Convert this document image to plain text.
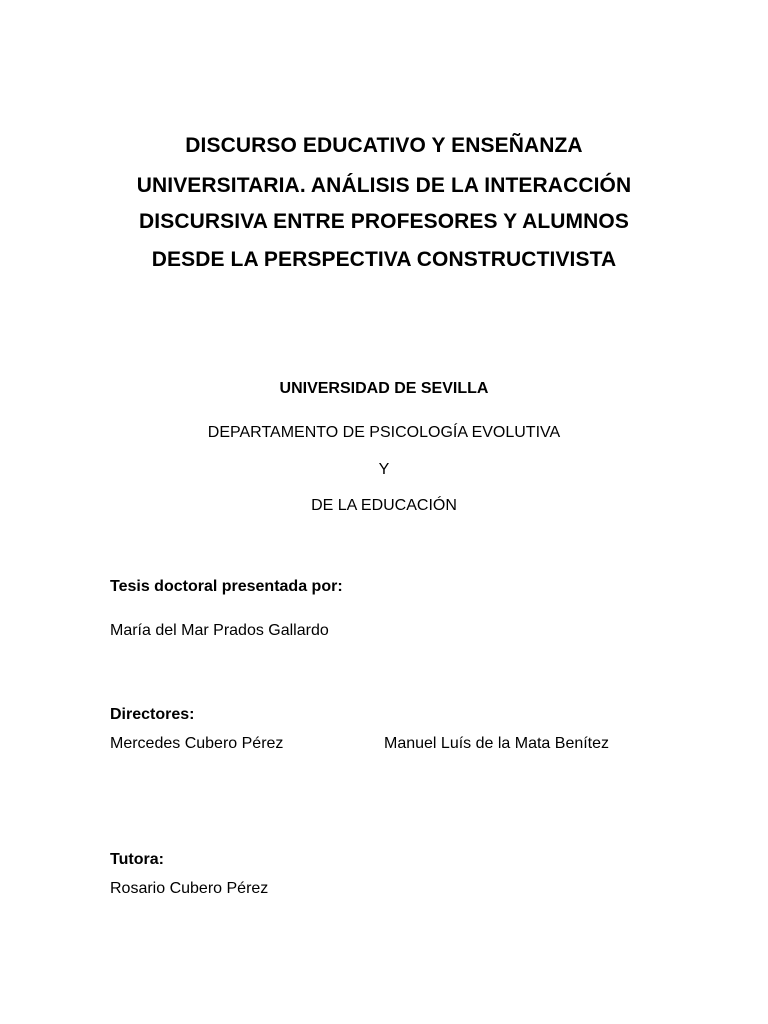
DISCURSO EDUCATIVO Y ENSEÑANZA
UNIVERSITARIA. ANÁLISIS DE LA INTERACCIÓN
DISCURSIVA ENTRE PROFESORES Y ALUMNOS
DESDE LA PERSPECTIVA CONSTRUCTIVISTA
UNIVERSIDAD DE SEVILLA
DEPARTAMENTO DE PSICOLOGÍA EVOLUTIVA
Y
DE LA EDUCACIÓN
Tesis doctoral presentada por:
María del Mar Prados Gallardo
Directores:
Mercedes Cubero Pérez	Manuel Luís de la Mata Benítez
Tutora:
Rosario Cubero Pérez
